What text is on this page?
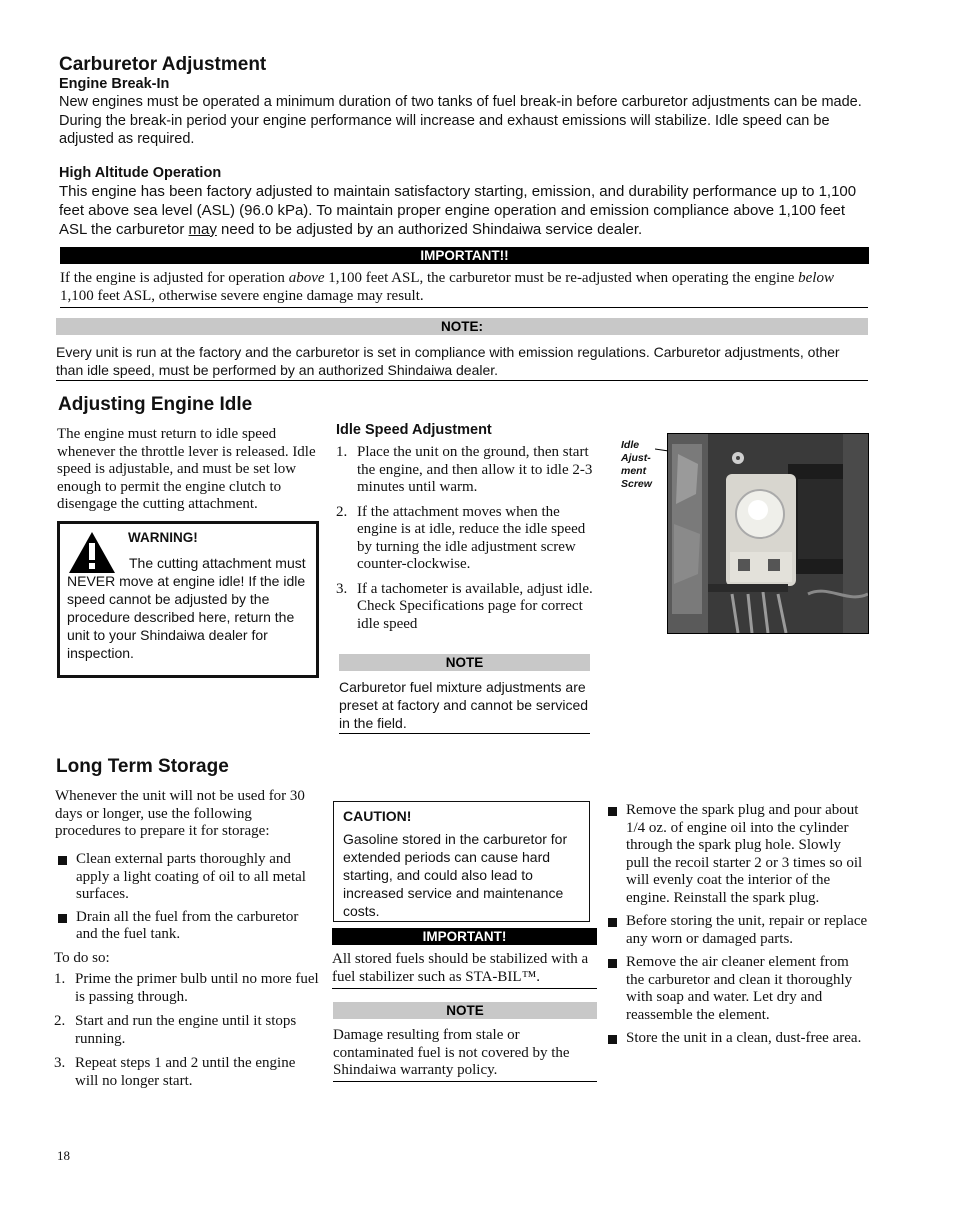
Carburetor Adjustment
Engine Break-In

New engines must be operated a minimum duration of two tanks of fuel break-in before carburetor adjustments can be made. During the break-in period your engine performance will increase and exhaust emissions will stabilize. Idle speed can be adjusted as required.

High Altitude Operation

This engine has been factory adjusted to maintain satisfactory starting, emission, and durability performance up to 1,100 feet above sea level (ASL) (96.0 kPa). To maintain proper engine operation and emission compliance above 1,100 feet ASL the carburetor may need to be adjusted by an authorized Shindaiwa service dealer.

IMPORTANT!!
If the engine is adjusted for operation above 1,100 feet ASL, the carburetor must be re-adjusted when operating the engine below 1,100 feet ASL, otherwise severe engine damage may result.
NOTE:
Every unit is run at the factory and the carburetor is set in compliance with emission regulations. Carburetor adjustments, other than idle speed, must be performed by an authorized Shindaiwa dealer.
Adjusting Engine Idle

The engine must return to idle speed whenever the throttle lever is released. Idle speed is adjustable, and must be set low enough to permit the engine clutch to disengage the cutting attachment.

WARNING!

The cutting attachment must NEVER move at engine idle! If the idle speed cannot be adjusted by the procedure described here, return the unit to your Shindaiwa dealer for inspection.

Idle Speed Adjustment
1. Place the unit on the ground, then start the engine, and then allow it to idle 2-3 minutes until warm.
2. If the attachment moves when the engine is at idle, reduce the idle speed by turning the idle adjustment screw counter-clockwise.
3. If a tachometer is available, adjust idle. Check Specifications page for correct idle speed
NOTE

Carburetor fuel mixture adjustments are preset at factory and cannot be serviced in the field.

Idle
Ajust-
ment
Screw
Long Term Storage

Whenever the unit will not be used for 30 days or longer, use the following procedures to prepare it for storage:

Clean external parts thoroughly and apply a light coating of oil to all metal surfaces.
Drain all the fuel from the carburetor and the fuel tank.

To do so:

1. Prime the primer bulb until no more fuel is passing through.
2. Start and run the engine until it stops running.
3. Repeat steps 1 and 2 until the engine will no longer start.
CAUTION!

Gasoline stored in the carburetor for extended periods can cause hard starting, and could also lead to increased service and maintenance costs.

IMPORTANT!

All stored fuels should be stabilized with a fuel stabilizer such as STA-BIL™.

NOTE

Damage resulting from stale or contaminated fuel is not covered by the Shindaiwa warranty policy.

Remove the spark plug and pour about 1/4 oz. of engine oil into the cylinder through the spark plug hole. Slowly pull the recoil starter 2 or 3 times so oil will evenly coat the interior of the engine. Reinstall the spark plug.
Before storing the unit, repair or replace any worn or damaged parts.
Remove the air cleaner element from the carburetor and clean it thoroughly with soap and water. Let dry and reassemble the element.
Store the unit in a clean, dust-free area.
18
